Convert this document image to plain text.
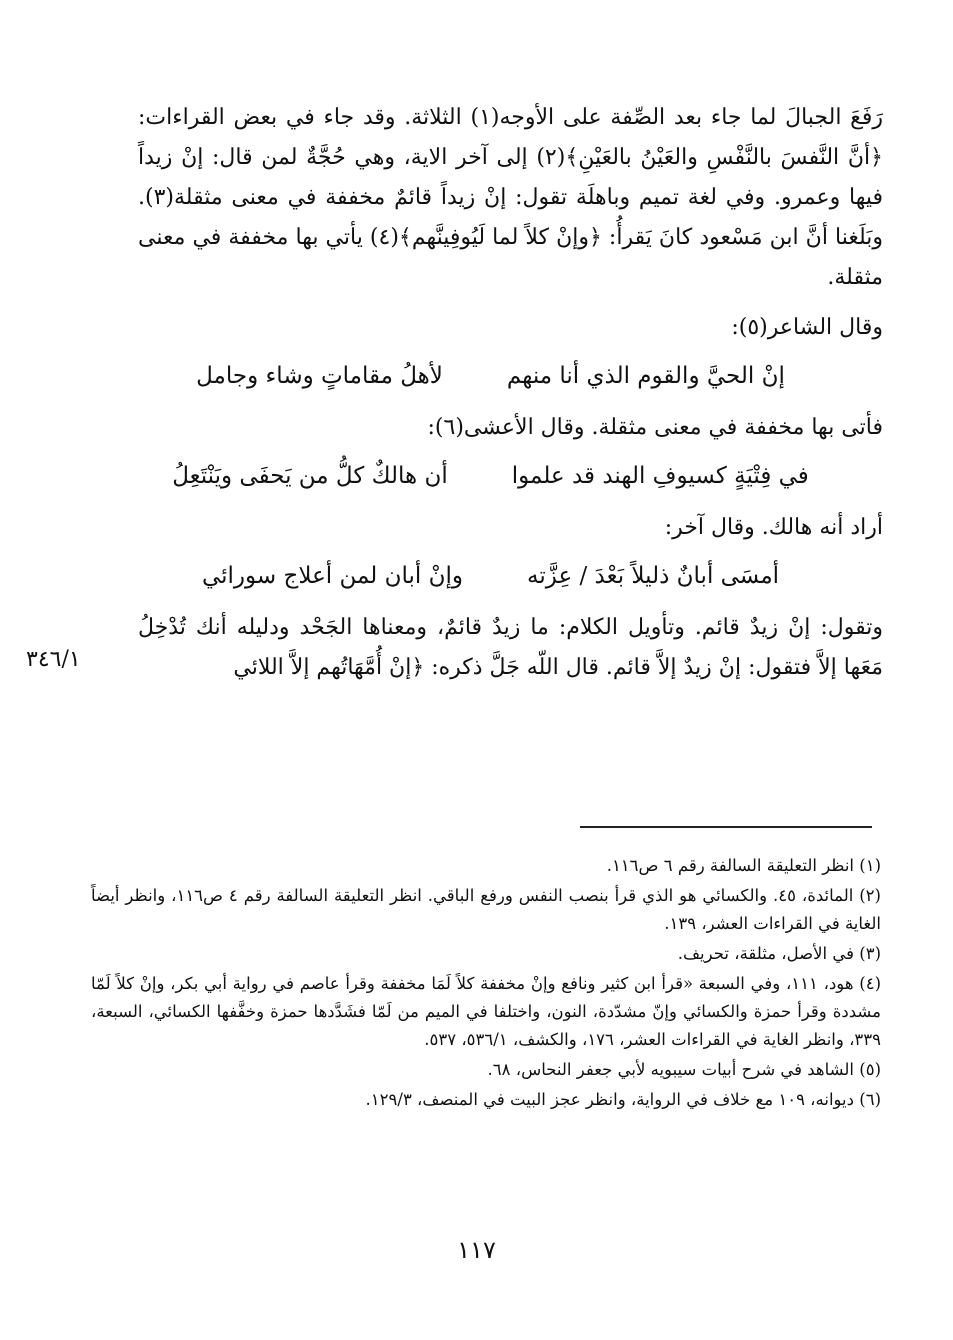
رَفَعَ الجبالَ لما جاء بعد الصِّفة على الأوجه(١) الثلاثة. وقد جاء في بعض القراءات: ﴿أنَّ النَّفسَ بالنَّفْسِ والعَيْنُ بالعَيْنِ﴾(٢) إلى آخر الاية، وهي حُجَّةٌ لمن قال: إنْ زيداً فيها وعمرو. وفي لغة تميم وباهلَة تقول: إنْ زيداً قائمٌ مخففة في معنى مثقلة(٣). وبَلَغنا أنَّ ابن مَسْعود كانَ يَقرأُ: ﴿وإنْ كلاً لما لَيُوفِينَّهم﴾(٤) يأتي بها مخففة في معنى مثقلة.

وقال الشاعر(٥):

إنْ الحيَّ والقوم الذي أنا منهم
لأهلُ مقاماتٍ وشاء وجامل

فأتى بها مخففة في معنى مثقلة. وقال الأعشى(٦):

في فِتْيَةٍ كسيوفِ الهند قد علموا
أن هالكٌ كلُّ من يَحفَى ويَنْتَعِلُ

أراد أنه هالك. وقال آخر:

أمسَى أبانٌ ذليلاً بَعْدَ / عِزَّته
وإنْ أبان لمن أعلاج سورائي

وتقول: إنْ زيدٌ قائم. وتأويل الكلام: ما زيدٌ قائمٌ، ومعناها الجَحْد ودليله أنك تُدْخِلُ مَعَها إلاَّ فتقول: إنْ زيدٌ إلاَّ قائم. قال اللّه جَلَّ ذكره: ﴿إنْ أُمَّهَاتُهم إلاَّ اللائي

٣٤٦/١

(١) انظر التعليقة السالفة رقم ٦ ص١١٦.

(٢) المائدة، ٤٥. والكسائي هو الذي قرأ بنصب النفس ورفع الباقي. انظر التعليقة السالفة رقم ٤ ص١١٦، وانظر أيضاً الغاية في القراءات العشر، ١٣٩.

(٣) في الأصل، مثلقة، تحريف.

(٤) هود، ١١١، وفي السبعة «قرأ ابن كثير ونافع وإنْ مخففة كلاً لَمَا مخففة وقرأ عاصم في رواية أبي بكر، وإنْ كلاً لَمّا مشددة وقرأ حمزة والكسائي وإنّ مشدّدة، النون، واختلفا في الميم من لَمّا فشَدَّدها حمزة وخفَّفها الكسائي، السبعة، ٣٣٩، وانظر الغاية في القراءات العشر، ١٧٦، والكشف، ٥٣٦/١، ٥٣٧.

(٥) الشاهد في شرح أبيات سيبويه لأبي جعفر النحاس، ٦٨.

(٦) ديوانه، ١٠٩ مع خلاف في الرواية، وانظر عجز البيت في المنصف، ١٢٩/٣.

١١٧
